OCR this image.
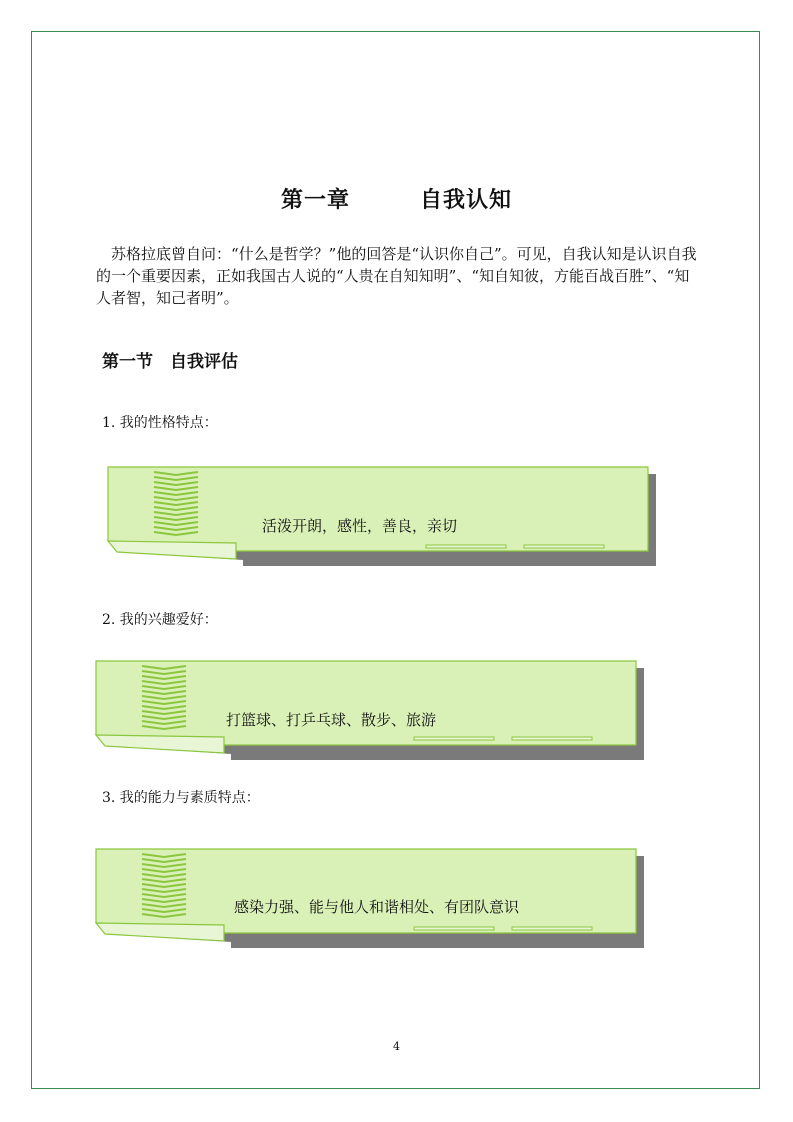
第一章	自我认知

苏格拉底曾自问：“什么是哲学？”他的回答是“认识你自己”。可见，自我认知是认识自我的一个重要因素，正如我国古人说的“人贵在自知知明”、“知自知彼，方能百战百胜”、“知人者智，知己者明”。

第一节　自我评估
1. 我的性格特点：
活泼开朗，感性，善良，亲切
2. 我的兴趣爱好：
打篮球、打乒乓球、散步、旅游
3. 我的能力与素质特点：
感染力强、能与他人和谐相处、有团队意识
4
